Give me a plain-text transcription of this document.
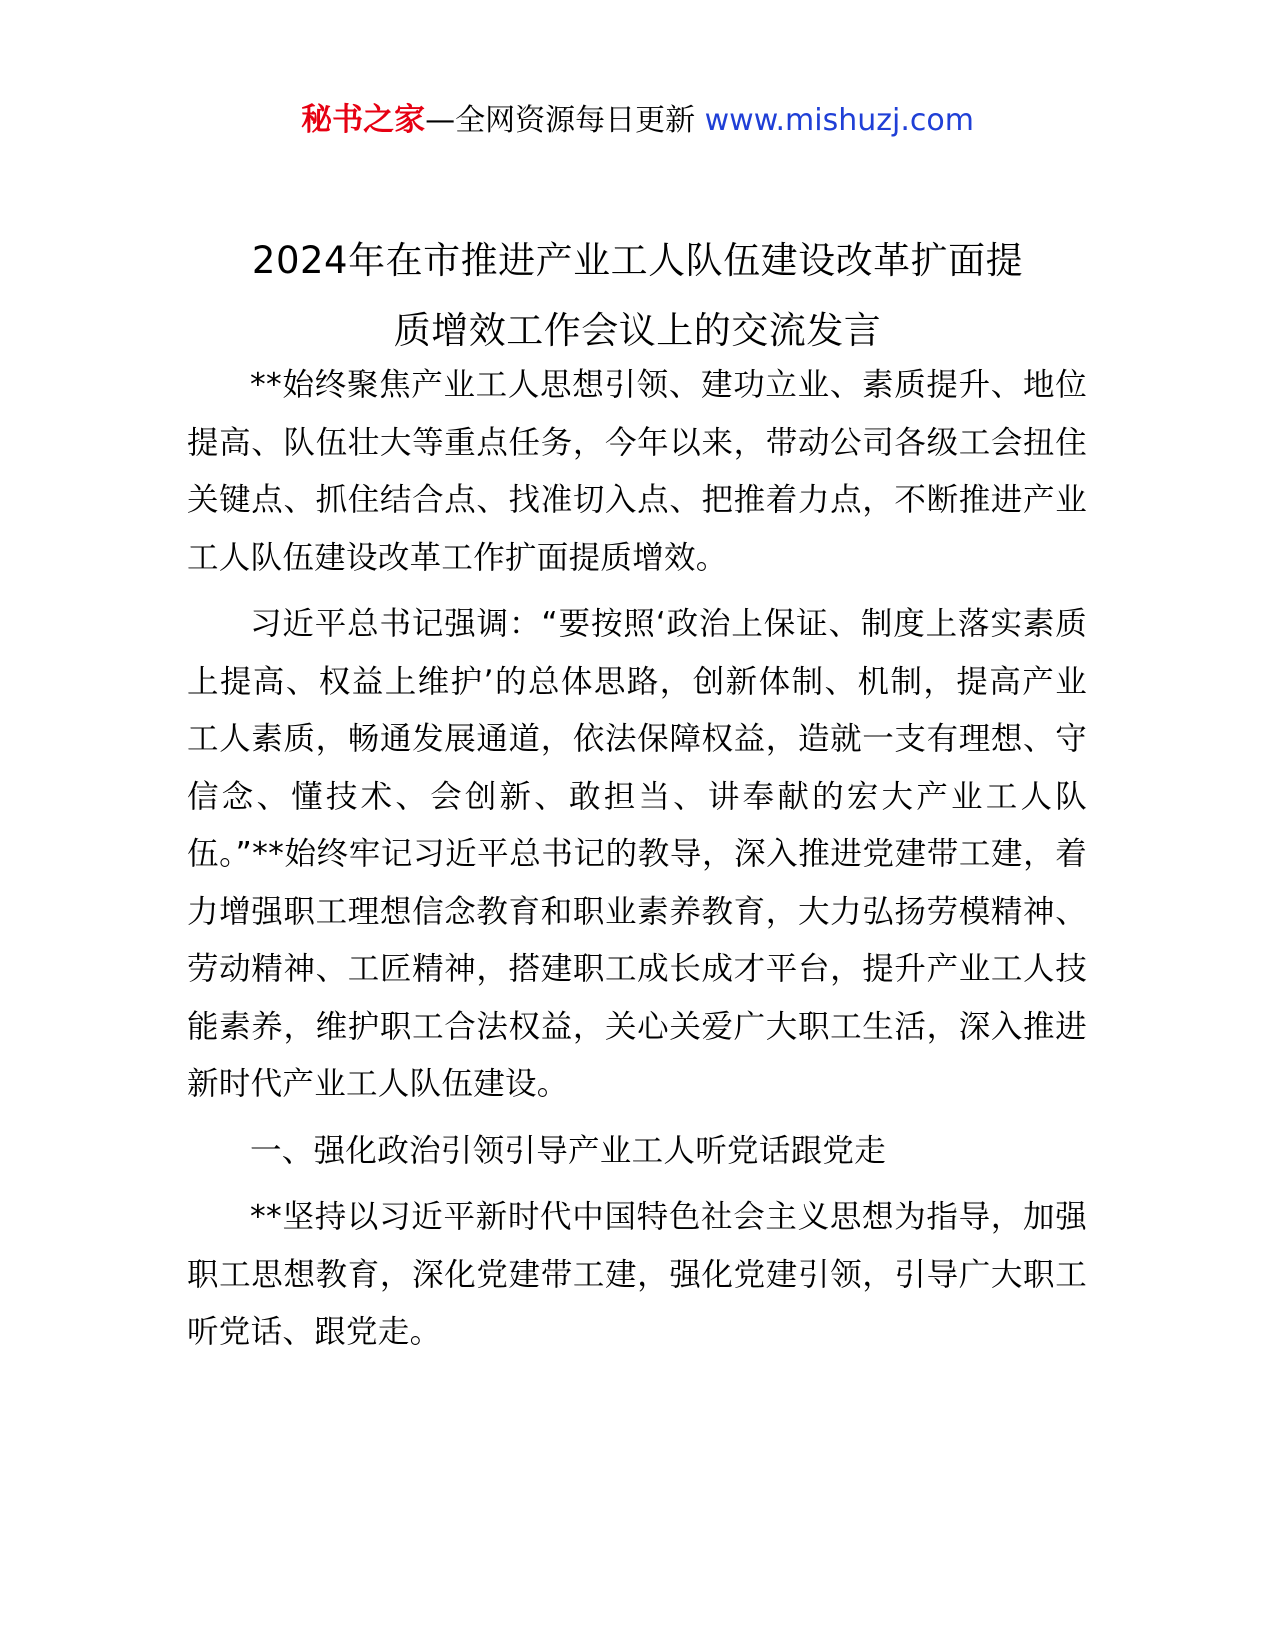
秘书之家—全网资源每日更新 www.mishuzj.com
2024年在市推进产业工人队伍建设改革扩面提
质增效工作会议上的交流发言

**始终聚焦产业工人思想引领、建功立业、素质提升、地位提高、队伍壮大等重点任务，今年以来，带动公司各级工会扭住关键点、抓住结合点、找准切入点、把推着力点，不断推进产业工人队伍建设改革工作扩面提质增效。

习近平总书记强调：“要按照‘政治上保证、制度上落实素质上提高、权益上维护’的总体思路，创新体制、机制，提高产业工人素质，畅通发展通道，依法保障权益，造就一支有理想、守信念、懂技术、会创新、敢担当、讲奉献的宏大产业工人队伍。”**始终牢记习近平总书记的教导，深入推进党建带工建，着力增强职工理想信念教育和职业素养教育，大力弘扬劳模精神、劳动精神、工匠精神，搭建职工成长成才平台，提升产业工人技能素养，维护职工合法权益，关心关爱广大职工生活，深入推进新时代产业工人队伍建设。

一、强化政治引领引导产业工人听党话跟党走

**坚持以习近平新时代中国特色社会主义思想为指导，加强职工思想教育，深化党建带工建，强化党建引领，引导广大职工听党话、跟党走。
